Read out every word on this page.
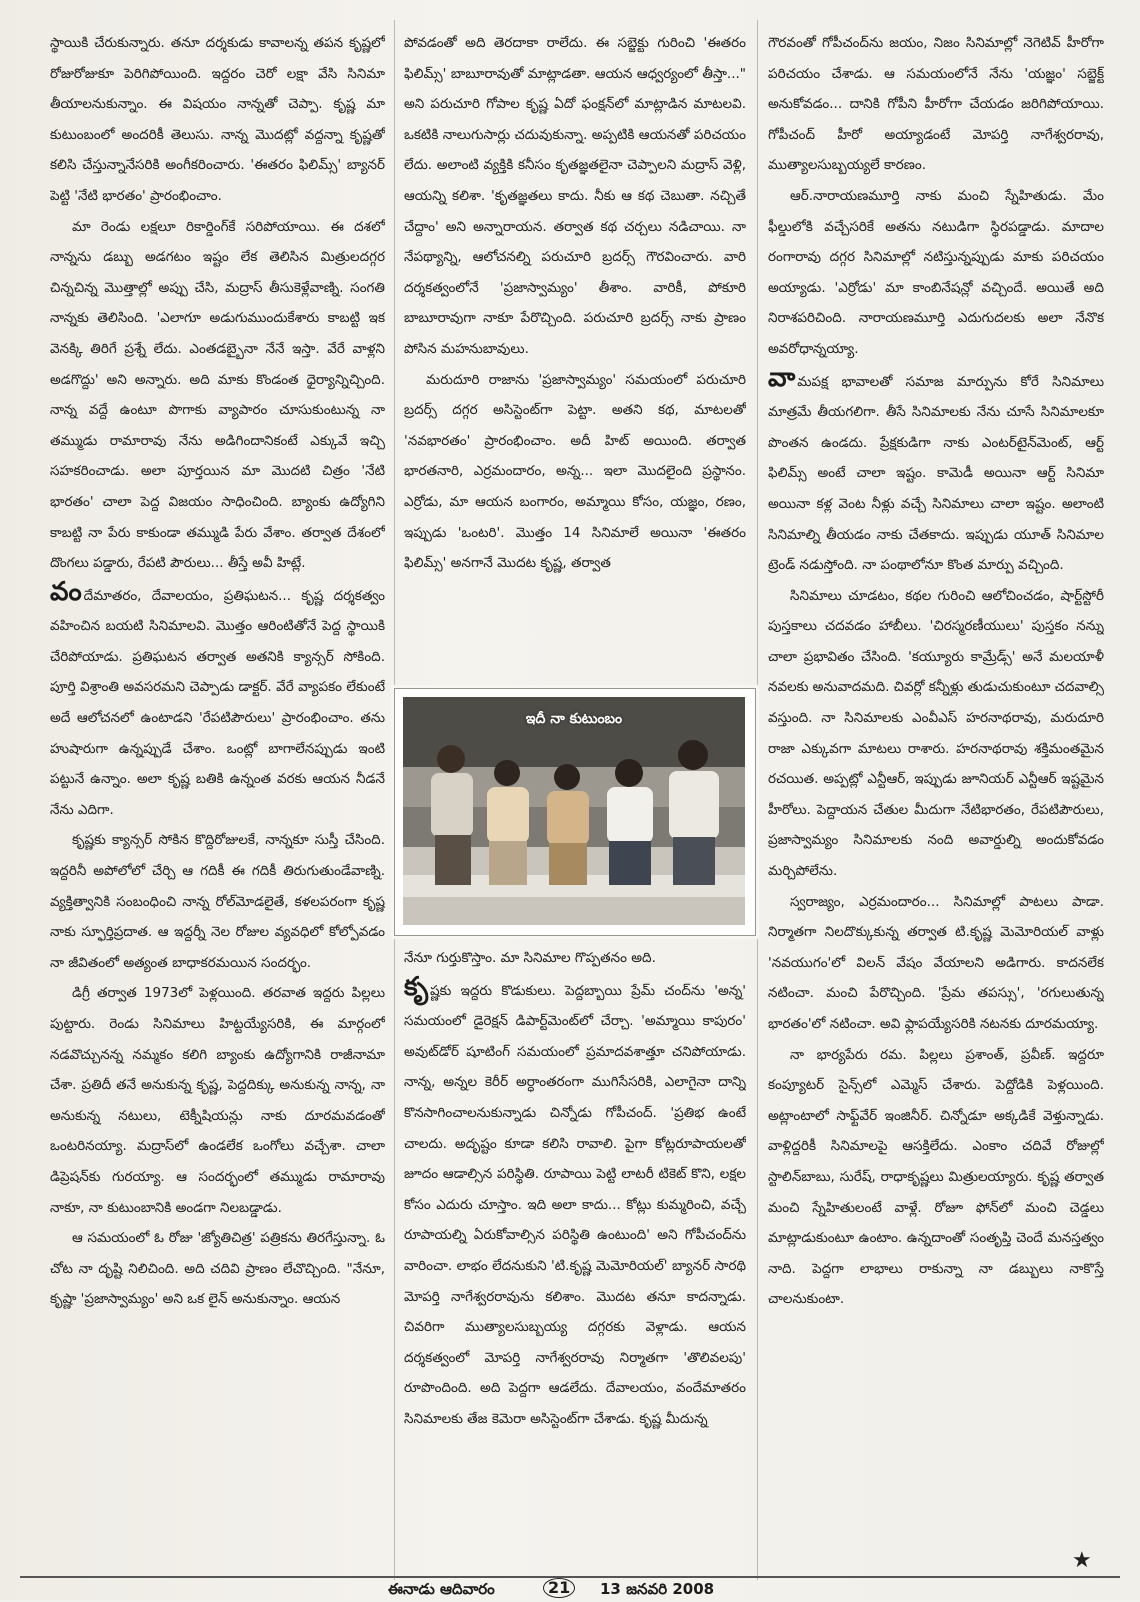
స్థాయికి చేరుకున్నారు. తనూ దర్శకుడు కావాలన్న తపన కృష్ణలో రోజురోజుకూ పెరిగిపోయింది. ఇద్దరం చెరో లక్షా వేసి సినిమా తీయాలనుకున్నాం. ఈ విషయం నాన్నతో చెప్పా. కృష్ణ మా కుటుంబంలో అందరికీ తెలుసు. నాన్న మొదట్లో వద్దన్నా కృష్ణతో కలిసి చేస్తున్నానేసరికి అంగీకరించారు. 'ఈతరం ఫిలిమ్స్' బ్యానర్ పెట్టి 'నేటి భారతం' ప్రారంభించాం.

మా రెండు లక్షలూ రికార్డింగ్‌కే సరిపోయాయి. ఈ దశలో నాన్నను డబ్బు అడగటం ఇష్టం లేక తెలిసిన మిత్రులదగ్గర చిన్నచిన్న మొత్తాల్లో అప్పు చేసి, మద్రాస్ తీసుకెళ్లేవాణ్ని. సంగతి నాన్నకు తెలిసింది. 'ఎలాగూ అడుగుముందుకేశారు కాబట్టి ఇక వెనక్కి తిరిగే ప్రశ్నే లేదు. ఎంతడబ్బైనా నేనే ఇస్తా. వేరే వాళ్లని అడగొద్దు' అని అన్నారు. అది మాకు కొండంత ధైర్యాన్నిచ్చింది. నాన్న వద్దే ఉంటూ పొగాకు వ్యాపారం చూసుకుంటున్న నా తమ్ముడు రామారావు నేను అడిగిందానికంటే ఎక్కువే ఇచ్చి సహకరించాడు. అలా పూర్తయిన మా మొదటి చిత్రం 'నేటి భారతం' చాలా పెద్ద విజయం సాధించింది. బ్యాంకు ఉద్యోగిని కాబట్టి నా పేరు కాకుండా తమ్ముడి పేరు వేశాం. తర్వాత దేశంలో దొంగలు పడ్డారు, రేపటి పౌరులు... తీస్తే అవీ హిట్లే.

వందేమాతరం, దేవాలయం, ప్రతిఘటన... కృష్ణ దర్శకత్వం వహించిన బయటి సినిమాలవి. మొత్తం ఆరింటితోనే పెద్ద స్థాయికి చేరిపోయాడు. ప్రతిఘటన తర్వాత అతనికి క్యాన్సర్ సోకింది. పూర్తి విశ్రాంతి అవసరమని చెప్పాడు డాక్టర్. వేరే వ్యాపకం లేకుంటే అదే ఆలోచనలో ఉంటాడని 'రేపటిపౌరులు' ప్రారంభించాం. తను హుషారుగా ఉన్నప్పుడే చేశాం. ఒంట్లో బాగాలేనప్పుడు ఇంటి పట్టునే ఉన్నాం. అలా కృష్ణ బతికి ఉన్నంత వరకు ఆయన నీడనే నేను ఎదిగా.

కృష్ణకు క్యాన్సర్ సోకిన కొద్దిరోజులకే, నాన్నకూ సుస్తీ చేసింది. ఇద్దరినీ అపోలోలో చేర్చి ఆ గదికీ ఈ గదికీ తిరుగుతుండేవాణ్ని. వ్యక్తిత్వానికి సంబంధించి నాన్న రోల్‌మోడలైతే, కళలపరంగా కృష్ణ నాకు స్ఫూర్తిప్రదాత. ఆ ఇద్దర్నీ నెల రోజుల వ్యవధిలో కోల్పోవడం నా జీవితంలో అత్యంత బాధాకరమయిన సందర్భం.

డిగ్రీ తర్వాత 1973లో పెళ్లయింది. తరవాత ఇద్దరు పిల్లలు పుట్టారు. రెండు సినిమాలు హిట్టయ్యేసరికి, ఈ మార్గంలో నడవొచ్చునన్న నమ్మకం కలిగి బ్యాంకు ఉద్యోగానికి రాజీనామా చేశా. ప్రతిదీ తనే అనుకున్న కృష్ణ, పెద్దదిక్కు అనుకున్న నాన్న, నా అనుకున్న నటులు, టెక్నీషియన్లు నాకు దూరమవడంతో ఒంటరినయ్యా. మద్రాస్‌లో ఉండలేక ఒంగోలు వచ్చేశా. చాలా డిప్రెషన్‌కు గురయ్యా. ఆ సందర్భంలో తమ్ముడు రామారావు నాకూ, నా కుటుంబానికి అండగా నిలబడ్డాడు.

ఆ సమయంలో ఓ రోజు 'జ్యోతిచిత్ర' పత్రికను తిరగేస్తున్నా. ఓ చోట నా దృష్టి నిలిచింది. అది చదివి ప్రాణం లేచొచ్చింది. "నేనూ, కృష్ణా 'ప్రజాస్వామ్యం' అని ఒక లైన్ అనుకున్నాం. ఆయన

పోవడంతో అది తెరదాకా రాలేదు. ఈ సబ్జెక్టు గురించి 'ఈతరం ఫిలిమ్స్' బాబూరావుతో మాట్లాడతా. ఆయన ఆధ్వర్యంలో తీస్తా..." అని పరుచూరి గోపాల కృష్ణ ఏదో ఫంక్షన్‌లో మాట్లాడిన మాటలవి. ఒకటికి నాలుగుసార్లు చదువుకున్నా. అప్పటికి ఆయనతో పరిచయం లేదు. అలాంటి వ్యక్తికి కనీసం కృతజ్ఞతలైనా చెప్పాలని మద్రాస్ వెళ్లి, ఆయన్ని కలిశా. 'కృతజ్ఞతలు కాదు. నీకు ఆ కథ చెబుతా. నచ్చితే చేద్దాం' అని అన్నారాయన. తర్వాత కథ చర్చలు నడిచాయి. నా నేపథ్యాన్ని, ఆలోచనల్ని పరుచూరి బ్రదర్స్ గౌరవించారు. వారి దర్శకత్వంలోనే 'ప్రజాస్వామ్యం' తీశాం. వారికీ, పోకూరి బాబూరావుగా నాకూ పేరొచ్చింది. పరుచూరి బ్రదర్స్ నాకు ప్రాణం పోసిన మహనుబావులు.

మరుదూరి రాజాను 'ప్రజాస్వామ్యం' సమయంలో పరుచూరి బ్రదర్స్ దగ్గర అసిస్టెంట్‌గా పెట్టా. అతని కథ, మాటలతో 'నవభారతం' ప్రారంభించాం. అదీ హిట్ అయింది. తర్వాత భారతనారి, ఎర్రమందారం, అన్న... ఇలా మొదలైంది ప్రస్థానం. ఎర్రోడు, మా ఆయన బంగారం, అమ్మాయి కోసం, యజ్ఞం, రణం, ఇప్పుడు 'ఒంటరి'. మొత్తం 14 సినిమాలే అయినా 'ఈతరం ఫిలిమ్స్' అనగానే మొదట కృష్ణ, తర్వాత

ఇదీ నా కుటుంబం

నేనూ గుర్తుకొస్తాం. మా సినిమాల గొప్పతనం అది.

కృష్ణకు ఇద్దరు కొడుకులు. పెద్దబ్బాయి ప్రేమ్ చంద్‌ను 'అన్న' సమయంలో డైరెక్షన్ డిపార్ట్‌మెంట్‌లో చేర్చా. 'అమ్మాయి కాపురం' అవుట్‌డోర్ షూటింగ్ సమయంలో ప్రమాదవశాత్తూ చనిపోయాడు. నాన్న, అన్నల కెరీర్ అర్ధాంతరంగా ముగిసేసరికి, ఎలాగైనా దాన్ని కొనసాగించాలనుకున్నాడు చిన్నోడు గోపీచంద్. 'ప్రతిభ ఉంటే చాలదు. అదృష్టం కూడా కలిసి రావాలి. పైగా కోట్లరూపాయలతో జూదం ఆడాల్సిన పరిస్థితి. రూపాయి పెట్టి లాటరీ టికెట్ కొని, లక్షల కోసం ఎదురు చూస్తాం. ఇది అలా కాదు... కోట్లు కుమ్మరించి, వచ్చే రూపాయల్ని ఏరుకోవాల్సిన పరిస్థితి ఉంటుంది' అని గోపీచంద్‌ను వారించా. లాభం లేదనుకుని 'టి.కృష్ణ మెమోరియల్' బ్యానర్ సారథి మోపర్తి నాగేశ్వరరావును కలిశాం. మొదట తనూ కాదన్నాడు. చివరిగా ముత్యాలసుబ్బయ్య దగ్గరకు వెళ్లాడు. ఆయన దర్శకత్వంలో మోపర్తి నాగేశ్వరరావు నిర్మాతగా 'తొలివలపు' రూపొందింది. అది పెద్దగా ఆడలేదు. దేవాలయం, వందేమాతరం సినిమాలకు తేజ కెమెరా అసిస్టెంట్‌గా చేశాడు. కృష్ణ మీదున్న

గౌరవంతో గోపీచంద్‌ను జయం, నిజం సినిమాల్లో నెగెటివ్ హీరోగా పరిచయం చేశాడు. ఆ సమయంలోనే నేను 'యజ్ఞం' సబ్జెక్ట్ అనుకోవడం... దానికి గోపీని హీరోగా చేయడం జరిగిపోయాయి. గోపీచంద్ హీరో అయ్యాడంటే మోపర్తి నాగేశ్వరరావు, ముత్యాలసుబ్బయ్యలే కారణం.

ఆర్.నారాయణమూర్తి నాకు మంచి స్నేహితుడు. మేం ఫీల్డులోకి వచ్చేసరికే అతను నటుడిగా స్థిరపడ్డాడు. మాదాల రంగారావు దగ్గర సినిమాల్లో నటిస్తున్నప్పుడు మాకు పరిచయం అయ్యాడు. 'ఎర్రోడు' మా కాంబినేషన్లో వచ్చిందే. అయితే అది నిరాశపరిచింది. నారాయణమూర్తి ఎదుగుదలకు అలా నేనొక అవరోధాన్నయ్యా.

వామపక్ష భావాలతో సమాజ మార్పును కోరే సినిమాలు మాత్రమే తీయగలిగా. తీసే సినిమాలకు నేను చూసే సినిమాలకూ పొంతన ఉండదు. ప్రేక్షకుడిగా నాకు ఎంటర్‌టైన్‌మెంట్, ఆర్ట్ ఫిలిమ్స్ అంటే చాలా ఇష్టం. కామెడీ అయినా ఆర్ట్ సినిమా అయినా కళ్ల వెంట నీళ్లు వచ్చే సినిమాలు చాలా ఇష్టం. అలాంటి సినిమాల్ని తీయడం నాకు చేతకాదు. ఇప్పుడు యూత్ సినిమాల ట్రెండ్ నడుస్తోంది. నా పంథాలోనూ కొంత మార్పు వచ్చింది.

సినిమాలు చూడటం, కథల గురించి ఆలోచించడం, షార్ట్‌స్టోరీ పుస్తకాలు చదవడం హాబీలు. 'చిరస్మరణీయులు' పుస్తకం నన్ను చాలా ప్రభావితం చేసింది. 'కయ్యూరు కామ్రేడ్స్' అనే మలయాళీ నవలకు అనువాదమది. చివర్లో కన్నీళ్లు తుడుచుకుంటూ చదవాల్సి వస్తుంది. నా సినిమాలకు ఎంవీఎస్ హరనాథరావు, మరుదూరి రాజా ఎక్కువగా మాటలు రాశారు. హరనాథరావు శక్తిమంతమైన రచయిత. అప్పట్లో ఎన్టీఆర్, ఇప్పుడు జూనియర్ ఎన్టీఆర్ ఇష్టమైన హీరోలు. పెద్దాయన చేతుల మీదుగా నేటిభారతం, రేపటిపౌరులు, ప్రజాస్వామ్యం సినిమాలకు నంది అవార్డుల్ని అందుకోవడం మర్చిపోలేను.

స్వరాజ్యం, ఎర్రమందారం... సినిమాల్లో పాటలు పాడా. నిర్మాతగా నిలదొక్కుకున్న తర్వాత టి.కృష్ణ మెమోరియల్ వాళ్లు 'నవయుగం'లో విలన్ వేషం వేయాలని అడిగారు. కాదనలేక నటించా. మంచి పేరొచ్చింది. 'ప్రేమ తపస్సు', 'రగులుతున్న భారతం'లో నటించా. అవి ఫ్లాపయ్యేసరికి నటనకు దూరమయ్యా.

నా భార్యపేరు రమ. పిల్లలు ప్రశాంత్, ప్రవీణ్. ఇద్దరూ కంప్యూటర్ సైన్స్‌లో ఎమ్మెస్ చేశారు. పెద్దోడికి పెళ్లయింది. అట్లాంటాలో సాఫ్ట్‌వేర్ ఇంజినీర్. చిన్నోడూ అక్కడికే వెళ్తున్నాడు. వాళ్లిద్దరికీ సినిమాలపై ఆసక్తిలేదు. ఎంకాం చదివే రోజుల్లో స్టాలిన్‌బాబు, సురేష్, రాధాకృష్ణలు మిత్రులయ్యారు. కృష్ణ తర్వాత మంచి స్నేహితులంటే వాళ్లే. రోజూ ఫోన్‌లో మంచి చెడ్డలు మాట్లాడుకుంటూ ఉంటాం. ఉన్నదాంతో సంతృప్తి చెందే మనస్తత్వం నాది. పెద్దగా లాభాలు రాకున్నా నా డబ్బులు నాకొస్తే చాలనుకుంటా.

★
ఈనాడు ఆదివారం	21	13 జనవరి 2008
